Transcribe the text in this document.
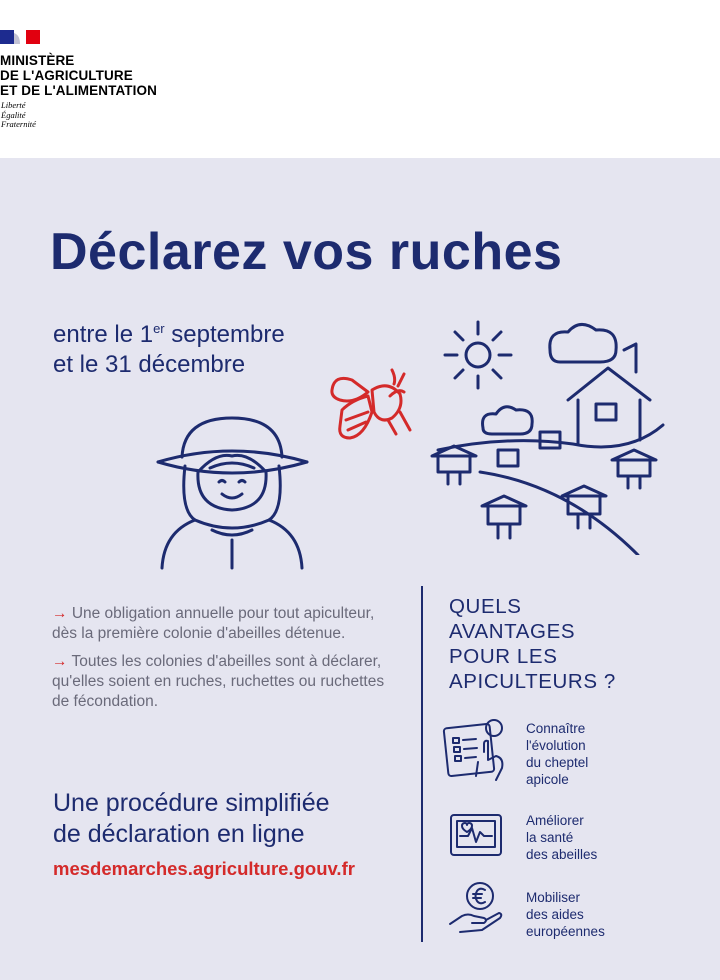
MINISTÈRE
DE L'AGRICULTURE
ET DE L'ALIMENTATION
Liberté
Égalité
Fraternité
Déclarez vos ruches
entre le 1er septembre
et le 31 décembre

→ Une obligation annuelle pour tout apiculteur, dès la première colonie d'abeilles détenue.

→ Toutes les colonies d'abeilles sont à déclarer, qu'elles soient en ruches, ruchettes ou ruchettes de fécondation.

Une procédure simplifiée
de déclaration en ligne
mesdemarches.agriculture.gouv.fr
QUELS
AVANTAGES
POUR LES
APICULTEURS ?
Connaître
l'évolution
du cheptel
apicole
Améliorer
la santé
des abeilles
Mobiliser
des aides
européennes
